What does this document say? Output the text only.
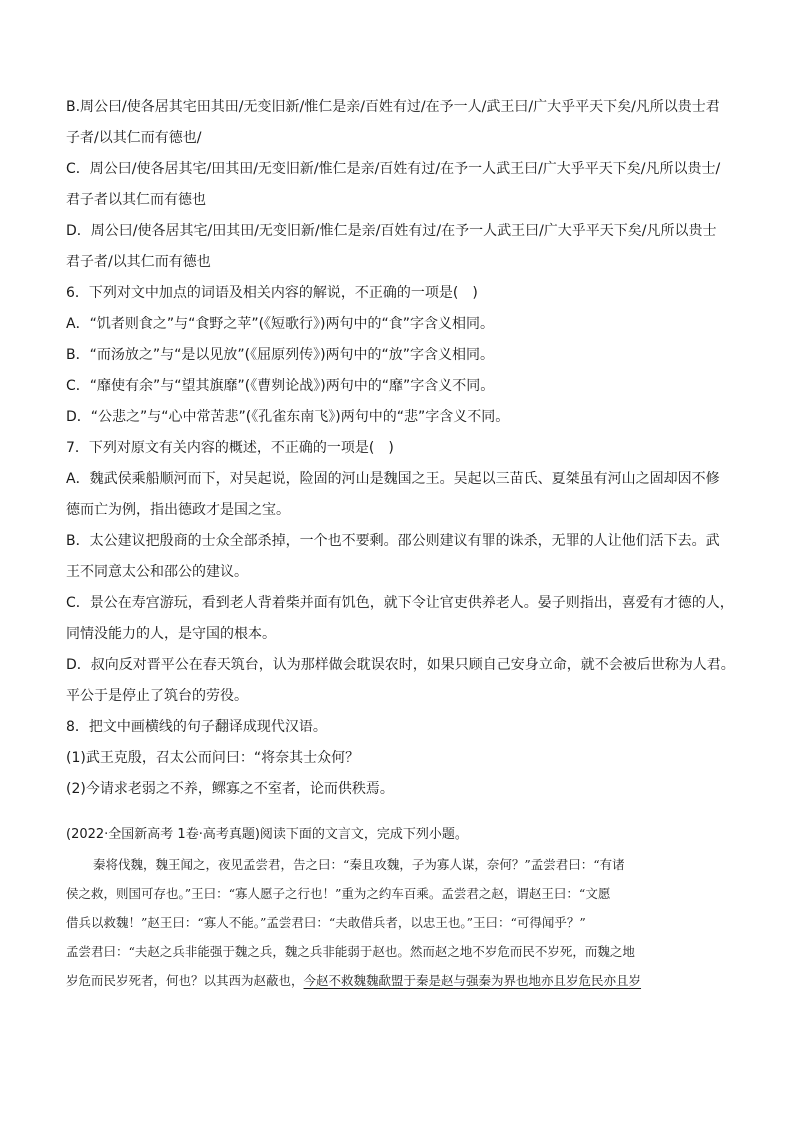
B.周公曰/使各居其宅田其田/无变旧新/惟仁是亲/百姓有过/在予一人/武王曰/广大乎平天下矣/凡所以贵士君
子者/以其仁而有德也/
C．周公曰/使各居其宅/田其田/无变旧新/惟仁是亲/百姓有过/在予一人武王曰/广大乎平天下矣/凡所以贵士/
君子者以其仁而有德也
D．周公曰/使各居其宅/田其田/无变旧新/惟仁是亲/百姓有过/在予一人武王曰/广大乎平天下矣/凡所以贵士
君子者/以其仁而有德也
6．下列对文中加点的词语及相关内容的解说，不正确的一项是(　)
A．“饥者则食之”与“食野之苹”(《短歌行》)两句中的“食”字含义相同。
B．“而汤放之”与“是以见放”(《屈原列传》)两句中的“放”字含义相同。
C．“靡使有余”与“望其旗靡”(《曹刿论战》)两句中的“靡”字含义不同。
D．“公悲之”与“心中常苦悲”(《孔雀东南飞》)两句中的“悲”字含义不同。
7．下列对原文有关内容的概述，不正确的一项是(　)
A．魏武侯乘船顺河而下，对吴起说，险固的河山是魏国之王。吴起以三苗氏、夏桀虽有河山之固却因不修
德而亡为例，指出德政才是国之宝。
B．太公建议把殷商的士众全部杀掉，一个也不要剩。邵公则建议有罪的诛杀，无罪的人让他们活下去。武
王不同意太公和邵公的建议。
C．景公在寿宫游玩，看到老人背着柴并面有饥色，就下令让官吏供养老人。晏子则指出，喜爱有才德的人，
同情没能力的人，是守国的根本。
D．叔向反对晋平公在春天筑台，认为那样做会耽误农时，如果只顾自己安身立命，就不会被后世称为人君。
平公于是停止了筑台的劳役。
8．把文中画横线的句子翻译成现代汉语。
(1)武王克殷，召太公而问曰：“将奈其士众何？
(2)今请求老弱之不养，鳏寡之不室者，论而供秩焉。
(2022·全国新高考 1卷·高考真题)阅读下面的文言文，完成下列小题。
秦将伐魏，魏王闻之，夜见孟尝君，告之曰：“秦且攻魏，子为寡人谋，奈何？”孟尝君曰：“有诸
侯之救，则国可存也。”王曰：“寡人愿子之行也！”重为之约车百乘。孟尝君之赵，谓赵王曰：“文愿
借兵以救魏！”赵王曰：“寡人不能。”孟尝君曰：“夫敢借兵者，以忠王也。”王曰：“可得闻乎？”
孟尝君曰：“夫赵之兵非能强于魏之兵，魏之兵非能弱于赵也。然而赵之地不岁危而民不岁死，而魏之地
岁危而民岁死者，何也？以其西为赵蔽也，今赵不救魏魏歃盟于秦是赵与强秦为界也地亦且岁危民亦且岁
